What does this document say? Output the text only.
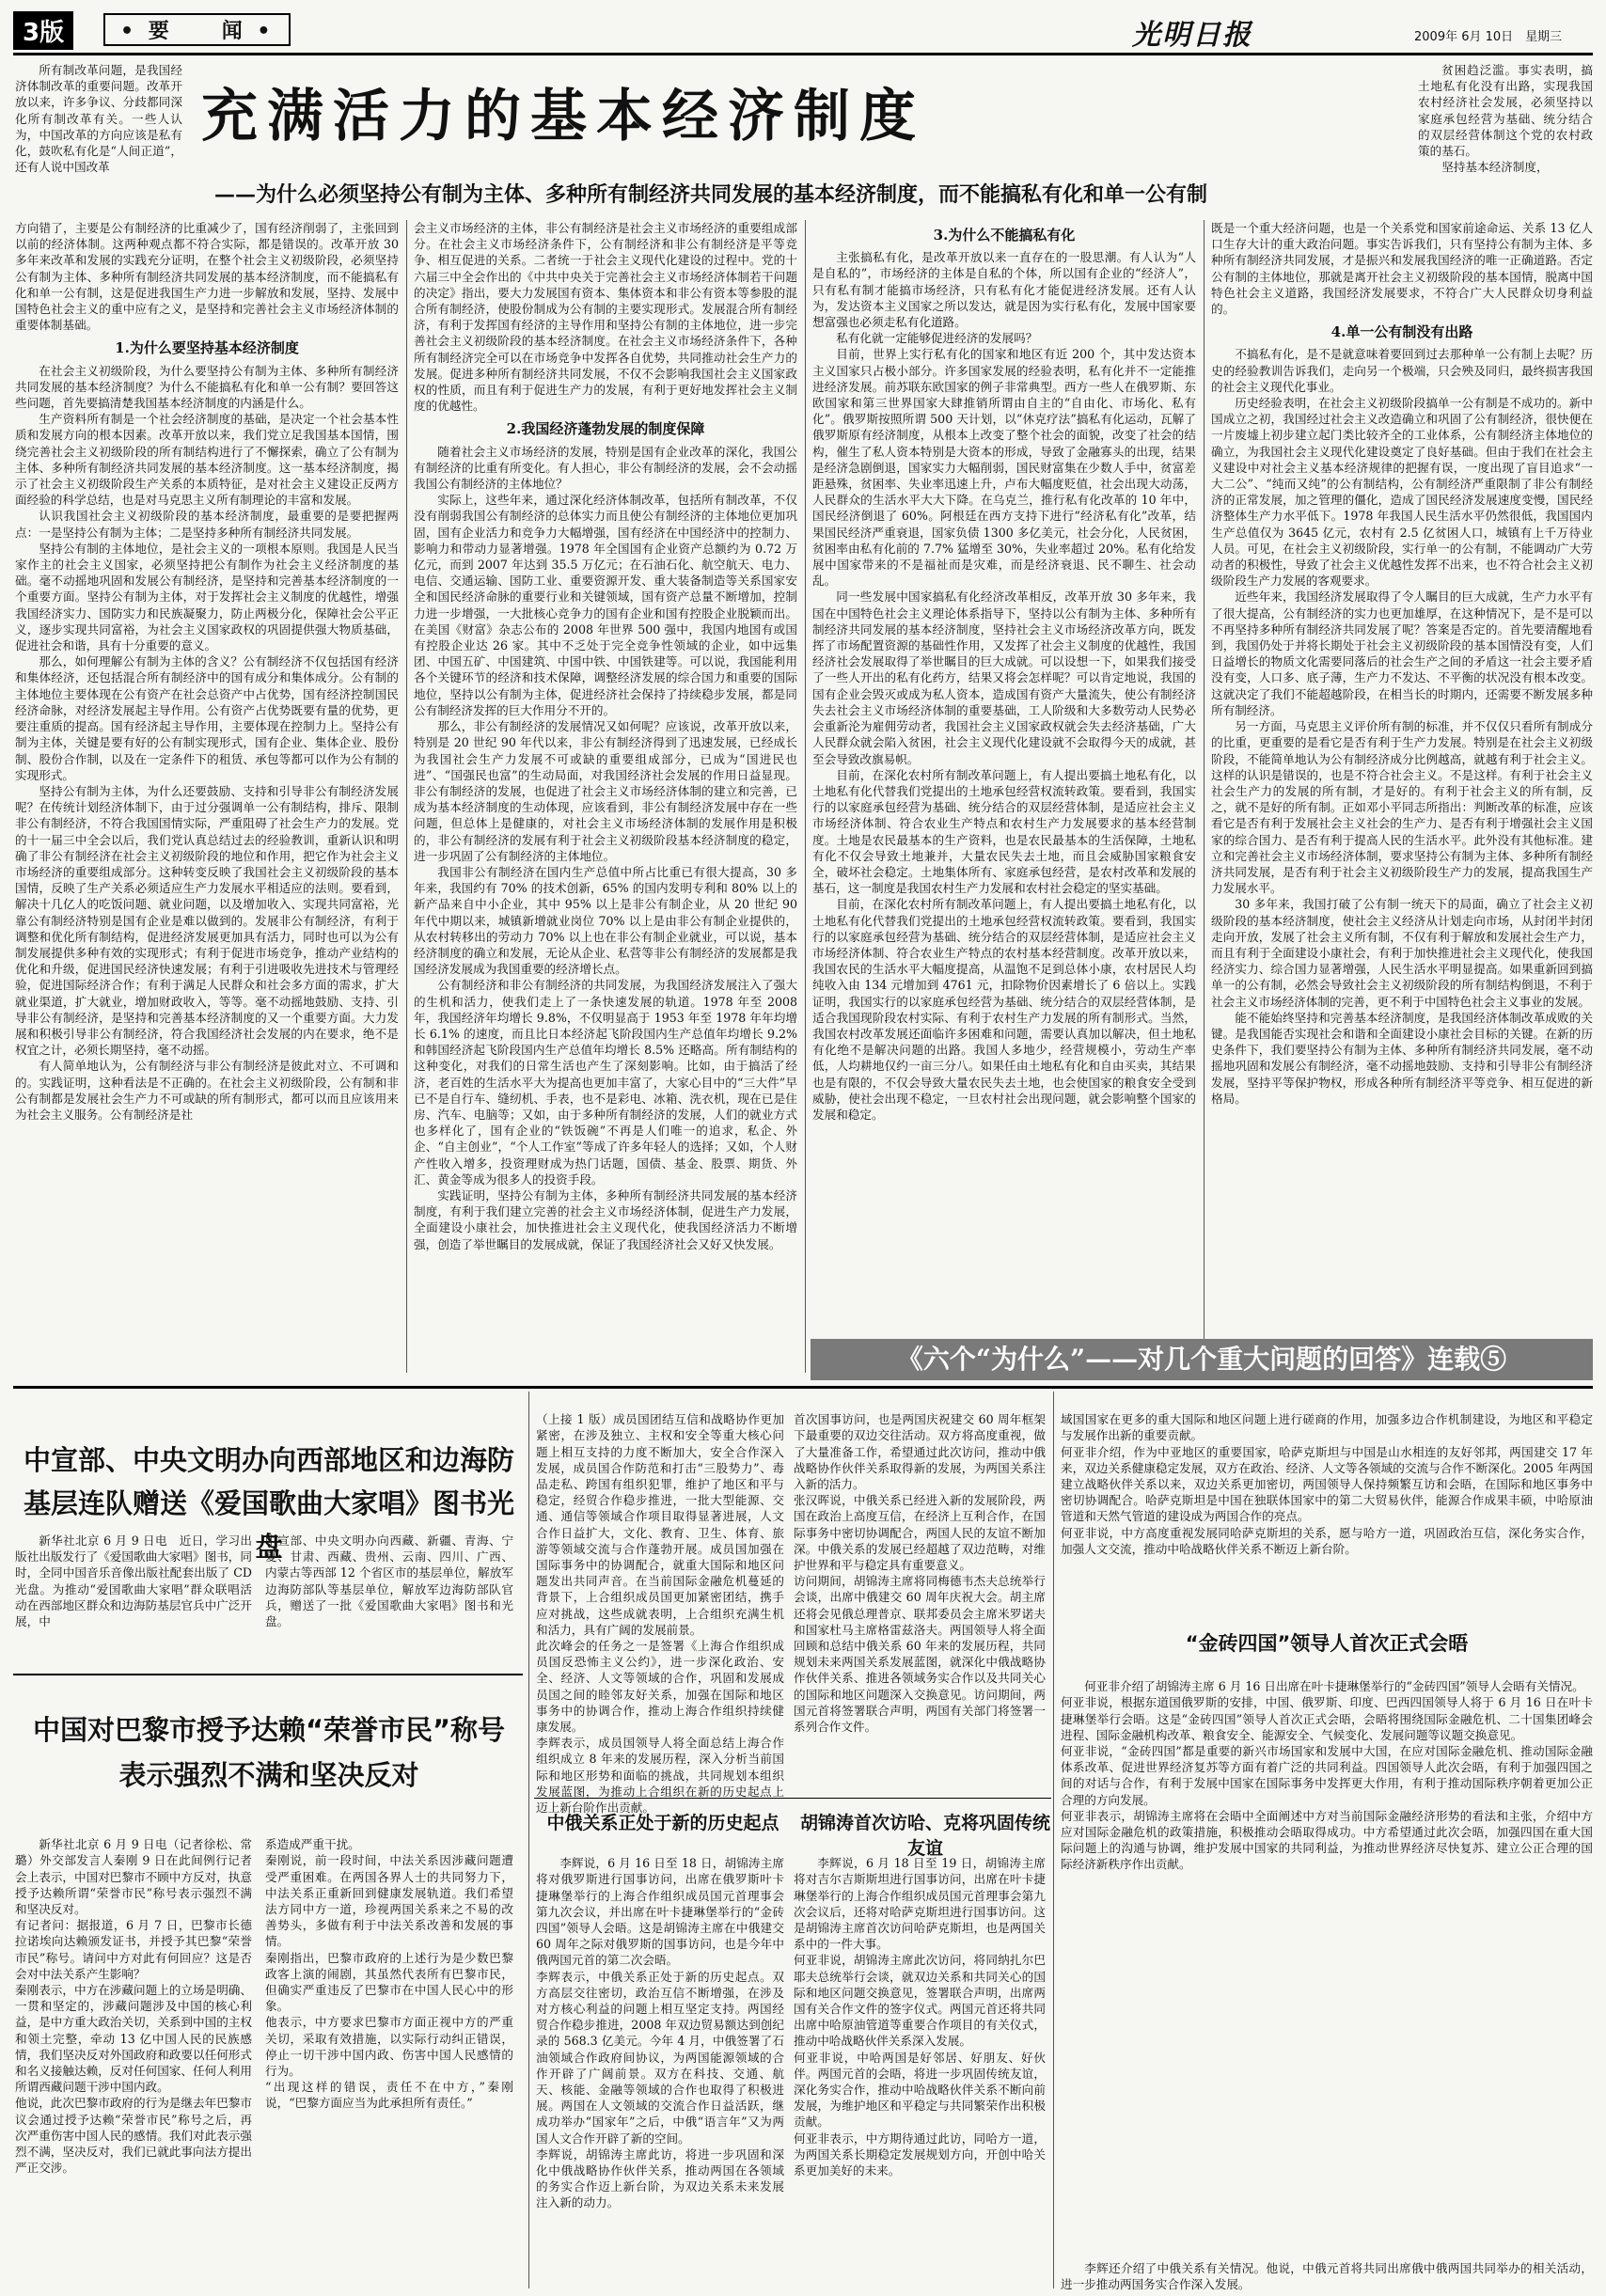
3版	• 要　　闻 •	光明日报	2009年 6月 10日　星期三

所有制改革问题，是我国经济体制改革的重要问题。改革开放以来，许多争议、分歧都同深化所有制改革有关。一些人认为，中国改革的方向应该是私有化，鼓吹私有化是“人间正道”，还有人说中国改革

充满活力的基本经济制度
——为什么必须坚持公有制为主体、多种所有制经济共同发展的基本经济制度，而不能搞私有化和单一公有制

贫困趋泛滥。事实表明，搞土地私有化没有出路，实现我国农村经济社会发展，必须坚持以家庭承包经营为基础、统分结合的双层经营体制这个党的农村政策的基石。

坚持基本经济制度，

方向错了，主要是公有制经济的比重减少了，国有经济削弱了，主张回到以前的经济体制。这两种观点都不符合实际，都是错误的。改革开放 30 多年来改革和发展的实践充分证明，在整个社会主义初级阶段，必须坚持公有制为主体、多种所有制经济共同发展的基本经济制度，而不能搞私有化和单一公有制，这是促进我国生产力进一步解放和发展，坚持、发展中国特色社会主义的重中应有之义，是坚持和完善社会主义市场经济体制的重要体制基础。

1.为什么要坚持基本经济制度

在社会主义初级阶段，为什么要坚持公有制为主体、多种所有制经济共同发展的基本经济制度？为什么不能搞私有化和单一公有制？要回答这些问题，首先要搞清楚我国基本经济制度的内涵是什么。

生产资料所有制是一个社会经济制度的基础，是决定一个社会基本性质和发展方向的根本因素。改革开放以来，我们党立足我国基本国情，围绕完善社会主义初级阶段的所有制结构进行了不懈探索，确立了公有制为主体、多种所有制经济共同发展的基本经济制度。这一基本经济制度，揭示了社会主义初级阶段生产关系的本质特征，是对社会主义建设正反两方面经验的科学总结，也是对马克思主义所有制理论的丰富和发展。

认识我国社会主义初级阶段的基本经济制度，最重要的是要把握两点：一是坚持公有制为主体；二是坚持多种所有制经济共同发展。

坚持公有制的主体地位，是社会主义的一项根本原则。我国是人民当家作主的社会主义国家，必须坚持把公有制作为社会主义经济制度的基础。毫不动摇地巩固和发展公有制经济，是坚持和完善基本经济制度的一个重要方面。坚持公有制为主体，对于发挥社会主义制度的优越性，增强我国经济实力、国防实力和民族凝聚力，防止两极分化，保障社会公平正义，逐步实现共同富裕，为社会主义国家政权的巩固提供强大物质基础，促进社会和谐，具有十分重要的意义。

那么，如何理解公有制为主体的含义？公有制经济不仅包括国有经济和集体经济，还包括混合所有制经济中的国有成分和集体成分。公有制的主体地位主要体现在公有资产在社会总资产中占优势，国有经济控制国民经济命脉，对经济发展起主导作用。公有资产占优势既要有量的优势，更要注重质的提高。国有经济起主导作用，主要体现在控制力上。坚持公有制为主体，关键是要有好的公有制实现形式，国有企业、集体企业、股份制、股份合作制，以及在一定条件下的租赁、承包等都可以作为公有制的实现形式。

坚持公有制为主体，为什么还要鼓励、支持和引导非公有制经济发展呢？在传统计划经济体制下，由于过分强调单一公有制结构，排斥、限制非公有制经济，不符合我国国情实际，严重阻碍了社会生产力的发展。党的十一届三中全会以后，我们党认真总结过去的经验教训，重新认识和明确了非公有制经济在社会主义初级阶段的地位和作用，把它作为社会主义市场经济的重要组成部分。这种转变反映了我国社会主义初级阶段的基本国情，反映了生产关系必须适应生产力发展水平相适应的法则。要看到，解决十几亿人的吃饭问题、就业问题，以及增加收入、实现共同富裕，光靠公有制经济特别是国有企业是难以做到的。发展非公有制经济，有利于调整和优化所有制结构，促进经济发展更加具有活力，同时也可以为公有制发展提供多种有效的实现形式；有利于促进市场竞争，推动产业结构的优化和升级，促进国民经济快速发展；有利于引进吸收先进技术与管理经验，促进国际经济合作；有利于满足人民群众和社会多方面的需求，扩大就业渠道，扩大就业，增加财政收入，等等。毫不动摇地鼓励、支持、引导非公有制经济，是坚持和完善基本经济制度的又一个重要方面。大力发展和积极引导非公有制经济，符合我国经济社会发展的内在要求，绝不是权宜之计，必须长期坚持，毫不动摇。

有人简单地认为，公有制经济与非公有制经济是彼此对立、不可调和的。实践证明，这种看法是不正确的。在社会主义初级阶段，公有制和非公有制都是发展社会生产力不可或缺的所有制形式，都可以而且应该用来为社会主义服务。公有制经济是社

会主义市场经济的主体，非公有制经济是社会主义市场经济的重要组成部分。在社会主义市场经济条件下，公有制经济和非公有制经济是平等竞争、相互促进的关系。二者统一于社会主义现代化建设的过程中。党的十六届三中全会作出的《中共中央关于完善社会主义市场经济体制若干问题的决定》指出，要大力发展国有资本、集体资本和非公有资本等参股的混合所有制经济，使股份制成为公有制的主要实现形式。发展混合所有制经济，有利于发挥国有经济的主导作用和坚持公有制的主体地位，进一步完善社会主义初级阶段的基本经济制度。在社会主义市场经济条件下，各种所有制经济完全可以在市场竞争中发挥各自优势，共同推动社会生产力的发展。促进多种所有制经济共同发展，不仅不会影响我国社会主义国家政权的性质，而且有利于促进生产力的发展，有利于更好地发挥社会主义制度的优越性。

2.我国经济蓬勃发展的制度保障

随着社会主义市场经济的发展，特别是国有企业改革的深化，我国公有制经济的比重有所变化。有人担心，非公有制经济的发展，会不会动摇我国公有制经济的主体地位？

实际上，这些年来，通过深化经济体制改革，包括所有制改革，不仅没有削弱我国公有制经济的总体实力而且使公有制经济的主体地位更加巩固，国有企业活力和竞争力大幅增强，国有经济在中国经济中的控制力、影响力和带动力显著增强。1978 年全国国有企业资产总额约为 0.72 万亿元，而到 2007 年达到 35.5 万亿元；在石油石化、航空航天、电力、电信、交通运输、国防工业、重要资源开发、重大装备制造等关系国家安全和国民经济命脉的重要行业和关键领域，国有资产总量不断增加，控制力进一步增强，一大批核心竞争力的国有企业和国有控股企业脱颖而出。在美国《财富》杂志公布的 2008 年世界 500 强中，我国内地国有或国有控股企业达 26 家。其中不乏处于完全竞争性领域的企业，如中远集团、中国五矿、中国建筑、中国中铁、中国铁建等。可以说，我国能利用各个关键环节的经济和技术保障，调整经济发展的综合国力和重要的国际地位，坚持以公有制为主体，促进经济社会保持了持续稳步发展，都是同公有制经济发挥的巨大作用分不开的。

那么，非公有制经济的发展情况又如何呢？应该说，改革开放以来，特别是 20 世纪 90 年代以来，非公有制经济得到了迅速发展，已经成长为我国社会生产力发展不可或缺的重要组成部分，已成为“国进民也进”、“国强民也富”的生动局面，对我国经济社会发展的作用日益显现。非公有制经济的发展，也促进了社会主义市场经济体制的建立和完善，已成为基本经济制度的生动体现，应该看到，非公有制经济发展中存在一些问题，但总体上是健康的，对社会主义市场经济体制的发展作用是积极的，非公有制经济的发展有利于社会主义初级阶段基本经济制度的稳定，进一步巩固了公有制经济的主体地位。

我国非公有制经济在国内生产总值中所占比重已有很大提高，30 多年来，我国约有 70% 的技术创新，65% 的国内发明专利和 80% 以上的新产品来自中小企业，其中 95% 以上是非公有制企业，从 20 世纪 90 年代中期以来，城镇新增就业岗位 70% 以上是由非公有制企业提供的，从农村转移出的劳动力 70% 以上也在非公有制企业就业，可以说，基本经济制度的确立和发展，无论从企业、私营等非公有制经济的发展都是我国经济发展成为我国重要的经济增长点。

公有制经济和非公有制经济的共同发展，为我国经济发展注入了强大的生机和活力，使我们走上了一条快速发展的轨道。1978 年至 2008 年，我国经济年均增长 9.8%，不仅明显高于 1953 年至 1978 年年均增长 6.1% 的速度，而且比日本经济起飞阶段国内生产总值年均增长 9.2% 和韩国经济起飞阶段国内生产总值年均增长 8.5% 还略高。所有制结构的这种变化，对我们的日常生活也产生了深刻影响。比如，由于搞活了经济，老百姓的生活水平大为提高也更加丰富了，大家心目中的“三大件”早已不是自行车、缝纫机、手表，也不是彩电、冰箱、洗衣机，现在已是住房、汽车、电脑等；又如，由于多种所有制经济的发展，人们的就业方式也多样化了，国有企业的“铁饭碗”不再是人们唯一的追求，私企、外企、“自主创业”，“个人工作室”等成了许多年轻人的选择；又如，个人财产性收入增多，投资理财成为热门话题，国债、基金、股票、期货、外汇、黄金等成为很多人的投资手段。

实践证明，坚持公有制为主体，多种所有制经济共同发展的基本经济制度，有利于我们建立完善的社会主义市场经济体制，促进生产力发展，全面建设小康社会，加快推进社会主义现代化，使我国经济活力不断增强，创造了举世瞩目的发展成就，保证了我国经济社会又好又快发展。

3.为什么不能搞私有化

主张搞私有化，是改革开放以来一直存在的一股思潮。有人认为“人是自私的”，市场经济的主体是自私的个体，所以国有企业的“经济人”，只有私有制才能搞市场经济，只有私有化才能促进经济发展。还有人认为，发达资本主义国家之所以发达，就是因为实行私有化，发展中国家要想富强也必须走私有化道路。

私有化就一定能够促进经济的发展吗？

目前，世界上实行私有化的国家和地区有近 200 个，其中发达资本主义国家只占极小部分。许多国家发展的经验表明，私有化并不一定能推进经济发展。前苏联东欧国家的例子非常典型。西方一些人在俄罗斯、东欧国家和第三世界国家大肆推销所谓由自主的“自由化、市场化、私有化”。俄罗斯按照所谓 500 天计划，以“休克疗法”搞私有化运动，瓦解了俄罗斯原有经济制度，从根本上改变了整个社会的面貌，改变了社会的结构，催生了私人资本特别是大资本的形成，导致了金融寡头的出现，结果是经济急剧倒退，国家实力大幅削弱，国民财富集在少数人手中，贫富差距悬殊，贫困率、失业率迅速上升，卢布大幅度贬值，社会出现大动荡，人民群众的生活水平大大下降。在乌克兰，推行私有化改革的 10 年中，国民经济倒退了 60%。阿根廷在西方支持下进行“经济私有化”改革，结果国民经济严重衰退，国家负债 1300 多亿美元，社会分化，人民贫困，贫困率由私有化前的 7.7% 猛增至 30%，失业率超过 20%。私有化给发展中国家带来的不是福祉而是灾难，而是经济衰退、民不聊生、社会动乱。

同一些发展中国家搞私有化经济改革相反，改革开放 30 多年来，我国在中国特色社会主义理论体系指导下，坚持以公有制为主体、多种所有制经济共同发展的基本经济制度，坚持社会主义市场经济改革方向，既发挥了市场配置资源的基础性作用，又发挥了社会主义制度的优越性，我国经济社会发展取得了举世瞩目的巨大成就。可以设想一下，如果我们接受了一些人开出的私有化药方，结果又将会怎样呢？可以肯定地说，我国的国有企业会毁灭或成为私人资本，造成国有资产大量流失，使公有制经济失去社会主义市场经济体制的重要基础，工人阶级和大多数劳动人民势必会重新沦为雇佣劳动者，我国社会主义国家政权就会失去经济基础，广大人民群众就会陷入贫困，社会主义现代化建设就不会取得今天的成就，甚至会导致改旗易帜。

目前，在深化农村所有制改革问题上，有人提出要搞土地私有化，以土地私有化代替我们党提出的土地承包经营权流转政策。要看到，我国实行的以家庭承包经营为基础、统分结合的双层经营体制，是适应社会主义市场经济体制、符合农业生产特点和农村生产力发展要求的基本经营制度。土地是农民最基本的生产资料，也是农民最基本的生活保障，土地私有化不仅会导致土地兼并，大量农民失去土地，而且会威胁国家粮食安全，破坏社会稳定。土地集体所有、家庭承包经营，是农村改革和发展的基石，这一制度是我国农村生产力发展和农村社会稳定的坚实基础。

目前，在深化农村所有制改革问题上，有人提出要搞土地私有化，以土地私有化代替我们党提出的土地承包经营权流转政策。要看到，我国实行的以家庭承包经营为基础、统分结合的双层经营体制，是适应社会主义市场经济体制、符合农业生产特点的农村基本经营制度。改革开放以来，我国农民的生活水平大幅度提高，从温饱不足到总体小康，农村居民人均纯收入由 134 元增加到 4761 元，扣除物价因素增长了 6 倍以上。实践证明，我国实行的以家庭承包经营为基础、统分结合的双层经营体制，是适合我国现阶段农村实际、有利于农村生产力发展的所有制形式。当然，我国农村改革发展还面临许多困难和问题，需要认真加以解决，但土地私有化绝不是解决问题的出路。我国人多地少，经营规模小，劳动生产率低，人均耕地仅约一亩三分八。如果任由土地私有化和自由买卖，其结果也是有限的，不仅会导致大量农民失去土地，也会使国家的粮食安全受到威胁，使社会出现不稳定，一旦农村社会出现问题，就会影响整个国家的发展和稳定。

既是一个重大经济问题，也是一个关系党和国家前途命运、关系 13 亿人口生存大计的重大政治问题。事实告诉我们，只有坚持公有制为主体、多种所有制经济共同发展，才是振兴和发展我国经济的唯一正确道路。否定公有制的主体地位，那就是离开社会主义初级阶段的基本国情，脱离中国特色社会主义道路，我国经济发展要求，不符合广大人民群众切身利益的。

4.单一公有制没有出路

不搞私有化，是不是就意味着要回到过去那种单一公有制上去呢？历史的经验教训告诉我们，走向另一个极端，只会殃及同归，最终损害我国的社会主义现代化事业。

历史经验表明，在社会主义初级阶段搞单一公有制是不成功的。新中国成立之初，我国经过社会主义改造确立和巩固了公有制经济，很快便在一片废墟上初步建立起门类比较齐全的工业体系，公有制经济主体地位的确立，为我国社会主义现代化建设奠定了良好基础。但由于我们在社会主义建设中对社会主义基本经济规律的把握有误，一度出现了盲目追求“一大二公”、“纯而又纯”的公有制结构，公有制经济严重限制了非公有制经济的正常发展，加之管理的僵化，造成了国民经济发展速度变慢，国民经济整体生产力水平低下。1978 年我国人民生活水平仍然很低，我国国内生产总值仅为 3645 亿元，农村有 2.5 亿贫困人口，城镇有上千万待业人员。可见，在社会主义初级阶段，实行单一的公有制，不能调动广大劳动者的积极性，导致了社会主义优越性发挥不出来，也不符合社会主义初级阶段生产力发展的客观要求。

近些年来，我国经济发展取得了令人瞩目的巨大成就，生产力水平有了很大提高，公有制经济的实力也更加雄厚，在这种情况下，是不是可以不再坚持多种所有制经济共同发展了呢？答案是否定的。首先要清醒地看到，我国仍处于并将长期处于社会主义初级阶段的基本国情没有变，人们日益增长的物质文化需要同落后的社会生产之间的矛盾这一社会主要矛盾没有变，人口多、底子薄，生产力不发达、不平衡的状况没有根本改变。这就决定了我们不能超越阶段，在相当长的时期内，还需要不断发展多种所有制经济。

另一方面，马克思主义评价所有制的标准，并不仅仅只看所有制成分的比重，更重要的是看它是否有利于生产力发展。特别是在社会主义初级阶段，不能简单地认为公有制经济成分比例越高，就越有利于社会主义。这样的认识是错误的，也是不符合社会主义。不是这样。有利于社会主义社会生产力的发展的所有制，才是好的。有利于社会主义的所有制，反之，就不是好的所有制。正如邓小平同志所指出：判断改革的标准，应该看它是否有利于发展社会主义社会的生产力、是否有利于增强社会主义国家的综合国力、是否有利于提高人民的生活水平。此外没有其他标准。建立和完善社会主义市场经济体制，要求坚持公有制为主体、多种所有制经济共同发展，是否有利于社会主义初级阶段生产力的发展，提高我国生产力发展水平。

30 多年来，我国打破了公有制一统天下的局面，确立了社会主义初级阶段的基本经济制度，使社会主义经济从计划走向市场，从封闭半封闭走向开放，发展了社会主义所有制，不仅有利于解放和发展社会生产力，而且有利于全面建设小康社会，有利于加快推进社会主义现代化，使我国经济实力、综合国力显著增强，人民生活水平明显提高。如果重新回到搞单一的公有制，必然会导致社会主义初级阶段的所有制结构倒退，不利于社会主义市场经济体制的完善，更不利于中国特色社会主义事业的发展。

能不能始终坚持和完善基本经济制度，是我国经济体制改革成败的关键。是我国能否实现社会和谐和全面建设小康社会目标的关键。在新的历史条件下，我们要坚持公有制为主体、多种所有制经济共同发展，毫不动摇地巩固和发展公有制经济，毫不动摇地鼓励、支持和引导非公有制经济发展，坚持平等保护物权，形成各种所有制经济平等竞争、相互促进的新格局。

《六个“为什么”——对几个重大问题的回答》连载⑤
中宣部、中央文明办向西部地区和边海防
基层连队赠送《爱国歌曲大家唱》图书光盘

新华社北京 6 月 9 日电　近日，学习出版社出版发行了《爱国歌曲大家唱》图书，同时，全同中国音乐音像出版社配套出版了 CD 光盘。为推动“爱国歌曲大家唱”群众联唱活动在西部地区群众和边海防基层官兵中广泛开展，中

中宣部、中央文明办向西藏、新疆、青海、宁夏、甘肃、西藏、贵州、云南、四川、广西、内蒙古等西部 12 个省区市的基层单位，解放军边海防部队等基层单位，解放军边海防部队官兵，赠送了一批《爱国歌曲大家唱》图书和光盘。

中国对巴黎市授予达赖“荣誉市民”称号
表示强烈不满和坚决反对

新华社北京 6 月 9 日电（记者徐松、常璐）外交部发言人秦刚 9 日在此间例行记者会上表示，中国对巴黎市不顾中方反对，执意授予达赖所谓“荣誉市民”称号表示强烈不满和坚决反对。
有记者问：据报道，6 月 7 日，巴黎市长德拉诺埃向达赖颁发证书，并授予其巴黎“荣誉市民”称号。请问中方对此有何回应？这是否会对中法关系产生影响？
秦刚表示，中方在涉藏问题上的立场是明确、一贯和坚定的，涉藏问题涉及中国的核心利益，是中方重大政治关切，关系到中国的主权和领土完整，牵动 13 亿中国人民的民族感情，我们坚决反对外国政府和政要以任何形式和名义接触达赖，反对任何国家、任何人利用所谓西藏问题干涉中国内政。
他说，此次巴黎市政府的行为是继去年巴黎市议会通过授予达赖“荣誉市民”称号之后，再次严重伤害中国人民的感情。我们对此表示强烈不满，坚决反对，我们已就此事向法方提出严正交涉。

系造成严重干扰。
秦刚说，前一段时间，中法关系因涉藏问题遭受严重困难。在两国各界人士的共同努力下，中法关系正重新回到健康发展轨道。我们希望法方同中方一道，珍视两国关系来之不易的改善势头，多做有利于中法关系改善和发展的事情。
秦刚指出，巴黎市政府的上述行为是少数巴黎政客上演的闹剧，其虽然代表所有巴黎市民，但确实严重违反了巴黎市在中国人民心中的形象。
他表示，中方要求巴黎市方面正视中方的严重关切，采取有效措施，以实际行动纠正错误，停止一切干涉中国内政、伤害中国人民感情的行为。
“出现这样的错误，责任不在中方，”秦刚说，“巴黎方面应当为此承担所有责任。”

（上接 1 版）成员国团结互信和战略协作更加紧密，在涉及独立、主权和安全等重大核心问题上相互支持的力度不断加大，安全合作深入发展，成员国合作防范和打击“三股势力”、毒品走私、跨国有组织犯罪，维护了地区和平与稳定，经贸合作稳步推进，一批大型能源、交通、通信等领域合作项目取得显著进展，人文合作日益扩大，文化、教育、卫生、体育、旅游等领域交流与合作蓬勃开展。成员国加强在国际事务中的协调配合，就重大国际和地区问题发出共同声音。在当前国际金融危机蔓延的背景下，上合组织成员国更加紧密团结，携手应对挑战，这些成就表明，上合组织充满生机和活力，具有广阔的发展前景。
此次峰会的任务之一是签署《上海合作组织成员国反恐怖主义公约》，进一步深化政治、安全、经济、人文等领域的合作，巩固和发展成员国之间的睦邻友好关系，加强在国际和地区事务中的协调合作，推动上海合作组织持续健康发展。
李辉表示，成员国领导人将全面总结上海合作组织成立 8 年来的发展历程，深入分析当前国际和地区形势和面临的挑战，共同规划本组织发展蓝图，为推动上合组织在新的历史起点上迈上新台阶作出贡献。

首次国事访问，也是两国庆祝建交 60 周年框架下最重要的双边交往活动。双方将高度重视，做了大量准备工作，希望通过此次访问，推动中俄战略协作伙伴关系取得新的发展，为两国关系注入新的活力。
张汉晖说，中俄关系已经进入新的发展阶段，两国在政治上高度互信，在经济上互利合作，在国际事务中密切协调配合，两国人民的友谊不断加深。中俄关系的发展已经超越了双边范畴，对维护世界和平与稳定具有重要意义。
访问期间，胡锦涛主席将同梅德韦杰夫总统举行会谈，出席中俄建交 60 周年庆祝大会。胡主席还将会见俄总理普京、联邦委员会主席米罗诺夫和国家杜马主席格雷兹洛夫。两国领导人将全面回顾和总结中俄关系 60 年来的发展历程，共同规划未来两国关系发展蓝图，就深化中俄战略协作伙伴关系、推进各领域务实合作以及共同关心的国际和地区问题深入交换意见。访问期间，两国元首将签署联合声明，两国有关部门将签署一系列合作文件。

中俄关系正处于新的历史起点	胡锦涛首次访哈、克将巩固传统友谊

李辉说，6 月 16 日至 18 日，胡锦涛主席将对俄罗斯进行国事访问，出席在俄罗斯叶卡捷琳堡举行的上海合作组织成员国元首理事会第九次会议，并出席在叶卡捷琳堡举行的“金砖四国”领导人会晤。这是胡锦涛主席在中俄建交 60 周年之际对俄罗斯的国事访问，也是今年中俄两国元首的第二次会晤。
李辉表示，中俄关系正处于新的历史起点。双方高层交往密切，政治互信不断增强，在涉及对方核心利益的问题上相互坚定支持。两国经贸合作稳步推进，2008 年双边贸易额达到创纪录的 568.3 亿美元。今年 4 月，中俄签署了石油领域合作政府间协议，为两国能源领域的合作开辟了广阔前景。双方在科技、交通、航天、核能、金融等领域的合作也取得了积极进展。两国在人文领域的交流合作日益活跃，继成功举办“国家年”之后，中俄“语言年”又为两国人文合作开辟了新的空间。
李辉说，胡锦涛主席此访，将进一步巩固和深化中俄战略协作伙伴关系，推动两国在各领域的务实合作迈上新台阶，为双边关系未来发展注入新的动力。

李辉说，6 月 18 日至 19 日，胡锦涛主席将对吉尔吉斯斯坦进行国事访问，出席在叶卡捷琳堡举行的上海合作组织成员国元首理事会第九次会议后，还将对哈萨克斯坦进行国事访问。这是胡锦涛主席首次访问哈萨克斯坦，也是两国关系中的一件大事。
何亚非说，胡锦涛主席此次访问，将同纳扎尔巴耶夫总统举行会谈，就双边关系和共同关心的国际和地区问题交换意见，签署联合声明，出席两国有关合作文件的签字仪式。两国元首还将共同出席中哈原油管道等重要合作项目的有关仪式，推动中哈战略伙伴关系深入发展。
何亚非说，中哈两国是好邻居、好朋友、好伙伴。两国元首的会晤，将进一步巩固传统友谊，深化务实合作，推动中哈战略伙伴关系不断向前发展，为维护地区和平稳定与共同繁荣作出积极贡献。
何亚非表示，中方期待通过此访，同哈方一道，为两国关系长期稳定发展规划方向，开创中哈关系更加美好的未来。

域国国家在更多的重大国际和地区问题上进行磋商的作用，加强多边合作机制建设，为地区和平稳定与发展作出新的重要贡献。
何亚非介绍，作为中亚地区的重要国家，哈萨克斯坦与中国是山水相连的友好邻邦，两国建交 17 年来，双边关系健康稳定发展，双方在政治、经济、人文等各领域的交流与合作不断深化。2005 年两国建立战略伙伴关系以来，双边关系更加密切，两国领导人保持频繁互访和会晤，在国际和地区事务中密切协调配合。哈萨克斯坦是中国在独联体国家中的第二大贸易伙伴，能源合作成果丰硕，中哈原油管道和天然气管道的建设成为两国合作的亮点。
何亚非说，中方高度重视发展同哈萨克斯坦的关系，愿与哈方一道，巩固政治互信，深化务实合作，加强人文交流，推动中哈战略伙伴关系不断迈上新台阶。

“金砖四国”领导人首次正式会晤

何亚非介绍了胡锦涛主席 6 月 16 日出席在叶卡捷琳堡举行的“金砖四国”领导人会晤有关情况。
何亚非说，根据东道国俄罗斯的安排，中国、俄罗斯、印度、巴西四国领导人将于 6 月 16 日在叶卡捷琳堡举行会晤。这是“金砖四国”领导人首次正式会晤，会晤将围绕国际金融危机、二十国集团峰会进程、国际金融机构改革、粮食安全、能源安全、气候变化、发展问题等议题交换意见。
何亚非说，“金砖四国”都是重要的新兴市场国家和发展中大国，在应对国际金融危机、推动国际金融体系改革、促进世界经济复苏等方面有着广泛的共同利益。四国领导人此次会晤，有利于加强四国之间的对话与合作，有利于发展中国家在国际事务中发挥更大作用，有利于推动国际秩序朝着更加公正合理的方向发展。
何亚非表示，胡锦涛主席将在会晤中全面阐述中方对当前国际金融经济形势的看法和主张，介绍中方应对国际金融危机的政策措施，积极推动会晤取得成功。中方希望通过此次会晤，加强四国在重大国际问题上的沟通与协调，维护发展中国家的共同利益，为推动世界经济尽快复苏、建立公正合理的国际经济新秩序作出贡献。

李辉还介绍了中俄关系有关情况。他说，中俄元首将共同出席俄中俄两国共同举办的相关活动，进一步推动两国务实合作深入发展。
